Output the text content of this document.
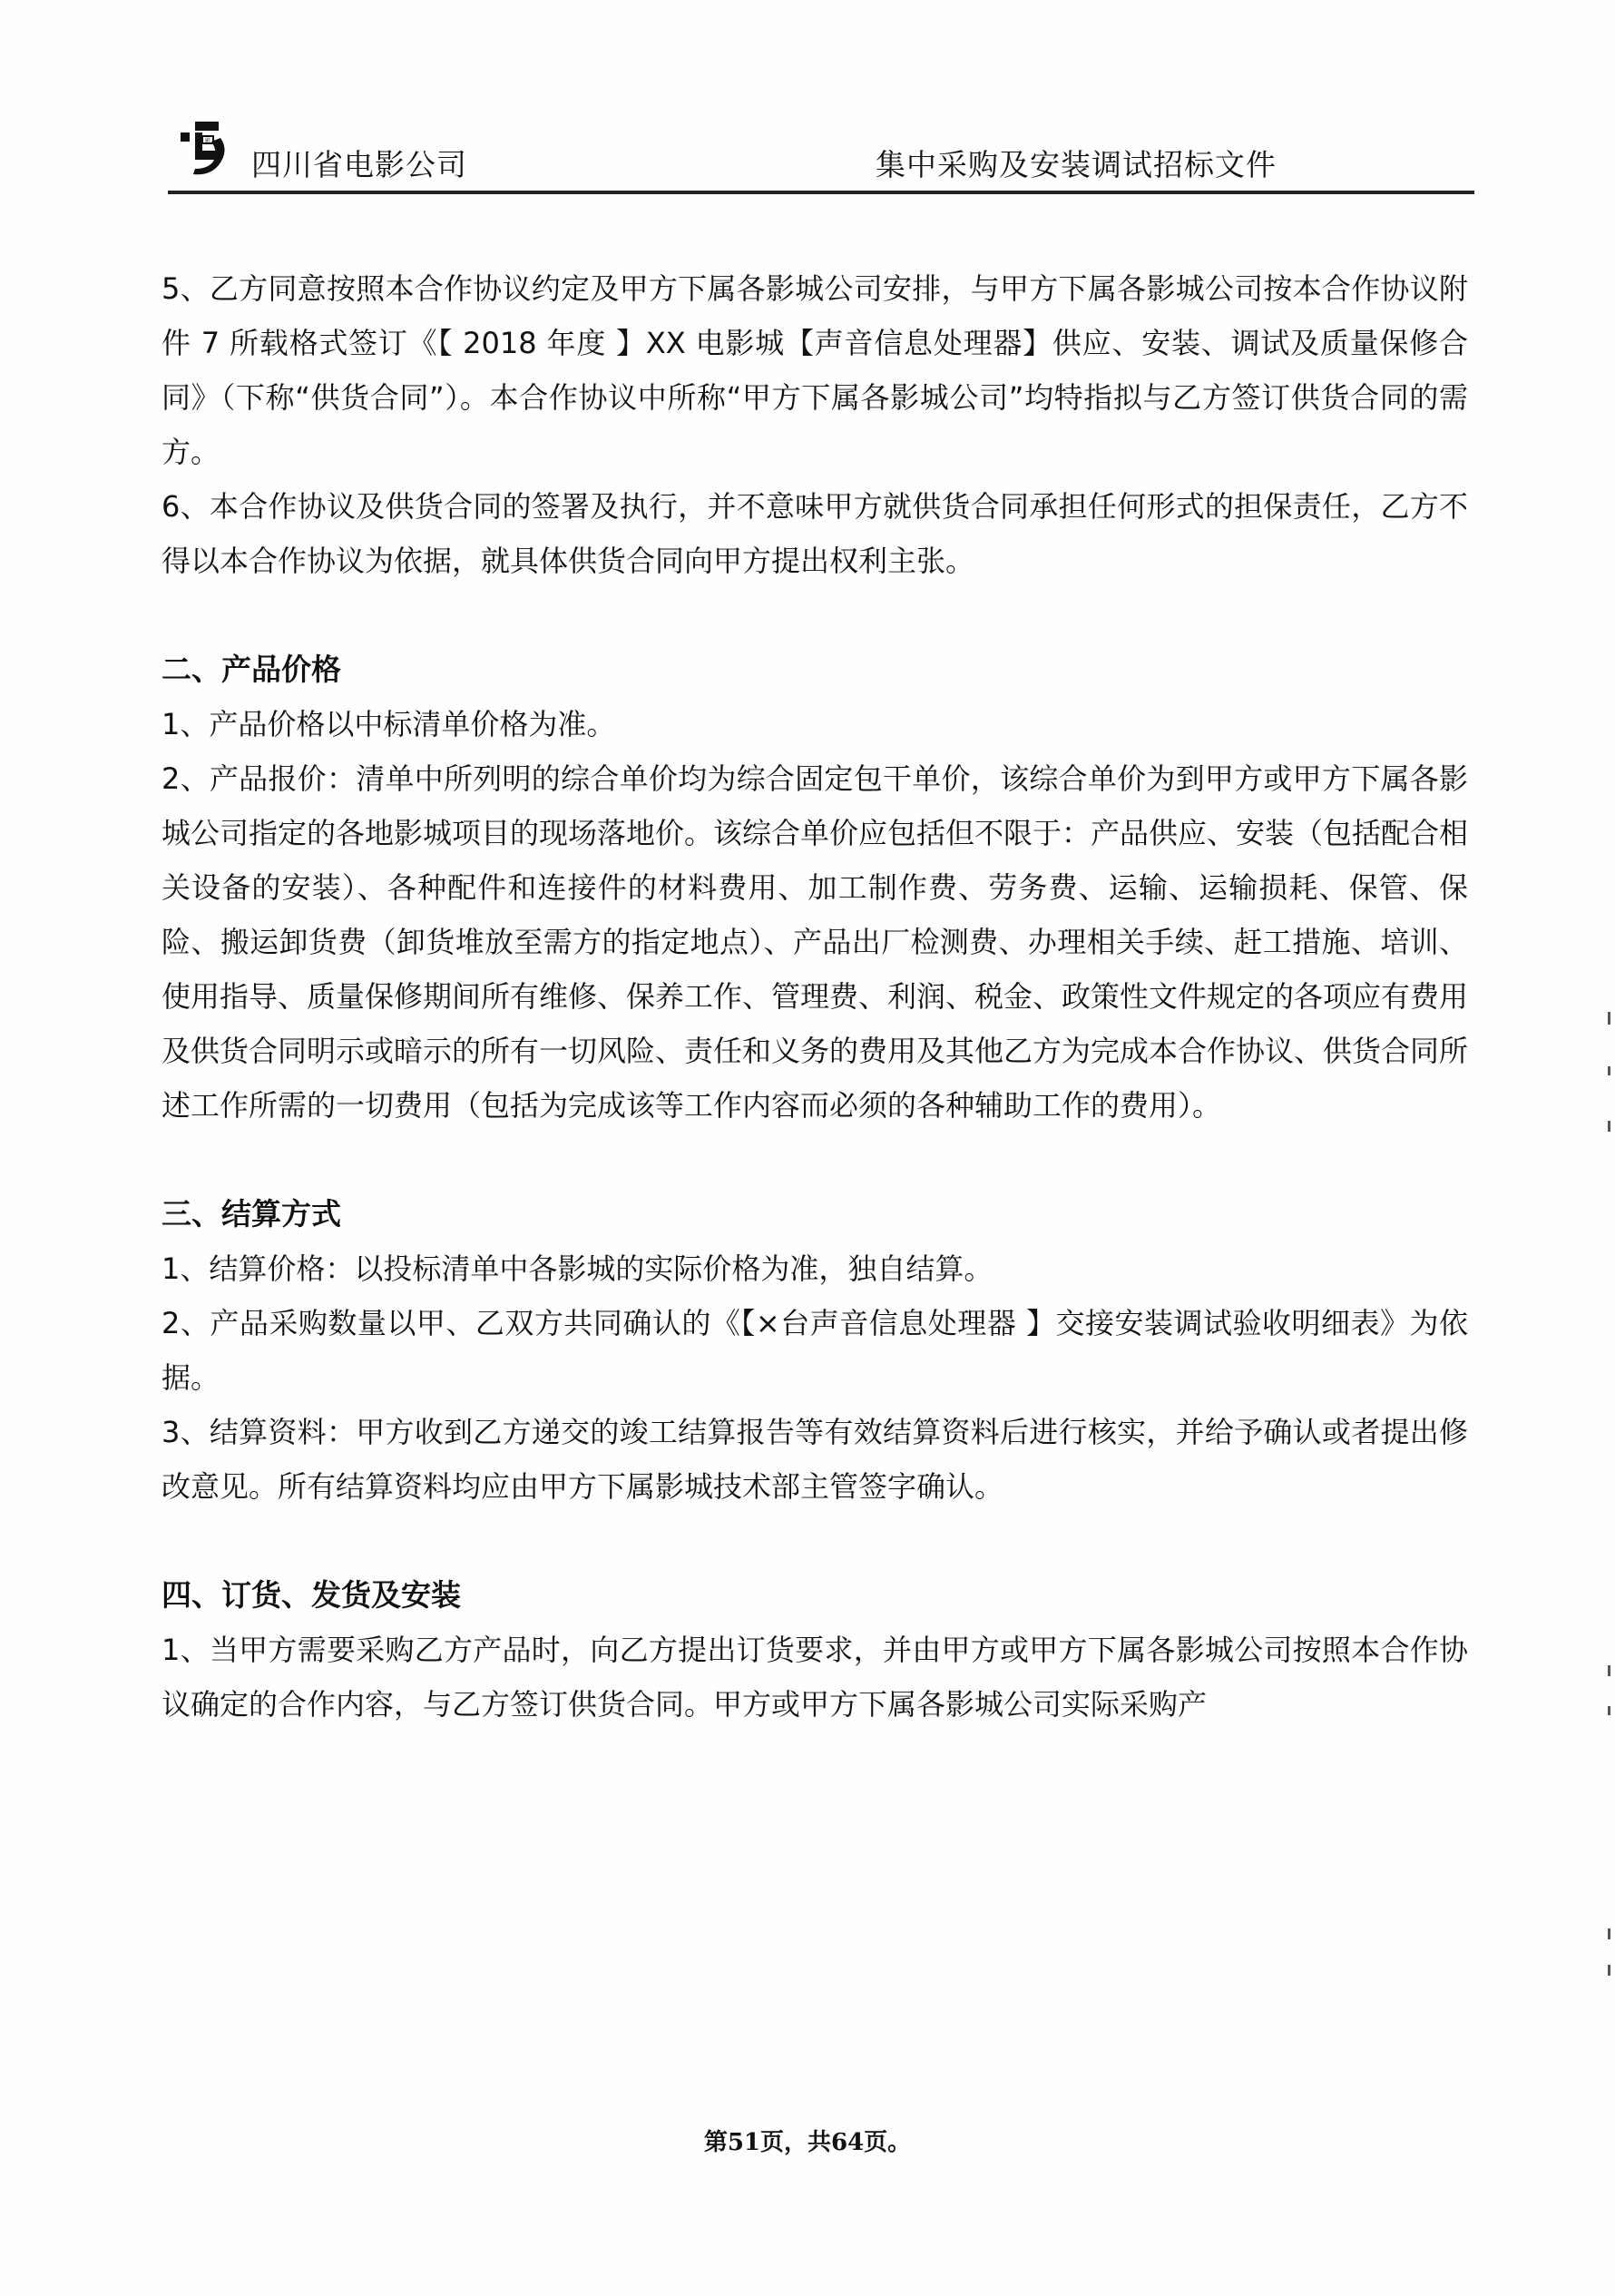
影
四川省电影公司	集中采购及安装调试招标文件

5、乙方同意按照本合作协议约定及甲方下属各影城公司安排，与甲方下属各影城公司按本合作协议附件 7 所载格式签订《【 2018 年度 】XX 电影城【声音信息处理器】供应、安装、调试及质量保修合同》（下称“供货合同”）。本合作协议中所称“甲方下属各影城公司”均特指拟与乙方签订供货合同的需方。

6、本合作协议及供货合同的签署及执行，并不意味甲方就供货合同承担任何形式的担保责任，乙方不得以本合作协议为依据，就具体供货合同向甲方提出权利主张。

二、产品价格

1、产品价格以中标清单价格为准。

2、产品报价：清单中所列明的综合单价均为综合固定包干单价，该综合单价为到甲方或甲方下属各影城公司指定的各地影城项目的现场落地价。该综合单价应包括但不限于：产品供应、安装（包括配合相关设备的安装）、各种配件和连接件的材料费用、加工制作费、劳务费、运输、运输损耗、保管、保险、搬运卸货费（卸货堆放至需方的指定地点）、产品出厂检测费、办理相关手续、赶工措施、培训、使用指导、质量保修期间所有维修、保养工作、管理费、利润、税金、政策性文件规定的各项应有费用及供货合同明示或暗示的所有一切风险、责任和义务的费用及其他乙方为完成本合作协议、供货合同所述工作所需的一切费用（包括为完成该等工作内容而必须的各种辅助工作的费用）。

三、结算方式

1、结算价格：以投标清单中各影城的实际价格为准，独自结算。

2、产品采购数量以甲、乙双方共同确认的《【×台声音信息处理器 】交接安装调试验收明细表》为依据。

3、结算资料：甲方收到乙方递交的竣工结算报告等有效结算资料后进行核实，并给予确认或者提出修改意见。所有结算资料均应由甲方下属影城技术部主管签字确认。

四、订货、发货及安装

1、当甲方需要采购乙方产品时，向乙方提出订货要求，并由甲方或甲方下属各影城公司按照本合作协议确定的合作内容，与乙方签订供货合同。甲方或甲方下属各影城公司实际采购产

第51页，共64页。
